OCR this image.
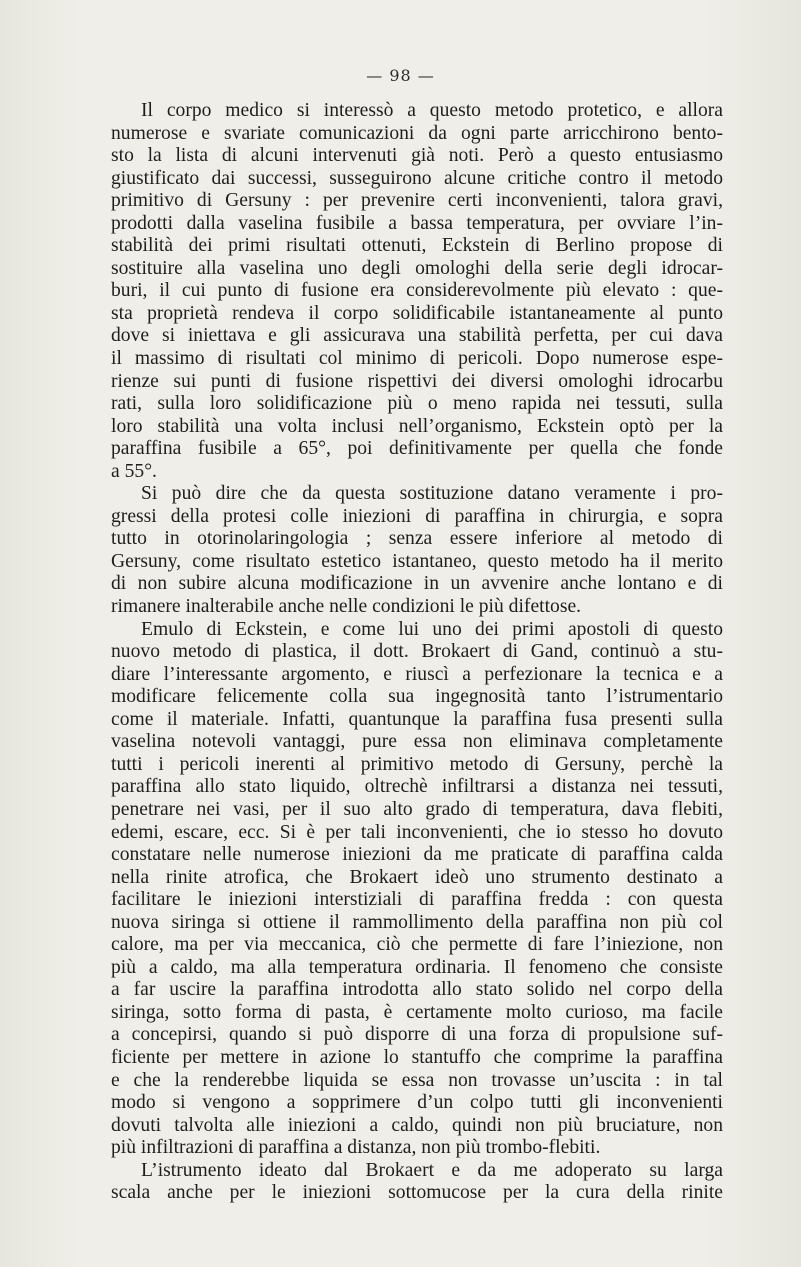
— 98 —
Il corpo medico si interessò a questo metodo protetico, e allora
numerose e svariate comunicazioni da ogni parte arricchirono bento-
sto la lista di alcuni intervenuti già noti. Però a questo entusiasmo
giustificato dai successi, susseguirono alcune critiche contro il metodo
primitivo di Gersuny : per prevenire certi inconvenienti, talora gravi,
prodotti dalla vaselina fusibile a bassa temperatura, per ovviare l’in-
stabilità dei primi risultati ottenuti, Eckstein di Berlino propose di
sostituire alla vaselina uno degli omologhi della serie degli idrocar-
buri, il cui punto di fusione era considerevolmente più elevato : que-
sta proprietà rendeva il corpo solidificabile istantaneamente al punto
dove si iniettava e gli assicurava una stabilità perfetta, per cui dava
il massimo di risultati col minimo di pericoli. Dopo numerose espe-
rienze sui punti di fusione rispettivi dei diversi omologhi idrocarbu
rati, sulla loro solidificazione più o meno rapida nei tessuti, sulla
loro stabilità una volta inclusi nell’organismo, Eckstein optò per la
paraffina fusibile a 65°, poi definitivamente per quella che fonde
a 55°.
Si può dire che da questa sostituzione datano veramente i pro-
gressi della protesi colle iniezioni di paraffina in chirurgia, e sopra
tutto in otorinolaringologia ; senza essere inferiore al metodo di
Gersuny, come risultato estetico istantaneo, questo metodo ha il merito
di non subire alcuna modificazione in un avvenire anche lontano e di
rimanere inalterabile anche nelle condizioni le più difettose.
Emulo di Eckstein, e come lui uno dei primi apostoli di questo
nuovo metodo di plastica, il dott. Brokaert di Gand, continuò a stu-
diare l’interessante argomento, e riuscì a perfezionare la tecnica e a
modificare felicemente colla sua ingegnosità tanto l’istrumentario
come il materiale. Infatti, quantunque la paraffina fusa presenti sulla
vaselina notevoli vantaggi, pure essa non eliminava completamente
tutti i pericoli inerenti al primitivo metodo di Gersuny, perchè la
paraffina allo stato liquido, oltrechè infiltrarsi a distanza nei tessuti,
penetrare nei vasi, per il suo alto grado di temperatura, dava flebiti,
edemi, escare, ecc. Si è per tali inconvenienti, che io stesso ho dovuto
constatare nelle numerose iniezioni da me praticate di paraffina calda
nella rinite atrofica, che Brokaert ideò uno strumento destinato a
facilitare le iniezioni interstiziali di paraffina fredda : con questa
nuova siringa si ottiene il rammollimento della paraffina non più col
calore, ma per via meccanica, ciò che permette di fare l’iniezione, non
più a caldo, ma alla temperatura ordinaria. Il fenomeno che consiste
a far uscire la paraffina introdotta allo stato solido nel corpo della
siringa, sotto forma di pasta, è certamente molto curioso, ma facile
a concepirsi, quando si può disporre di una forza di propulsione suf-
ficiente per mettere in azione lo stantuffo che comprime la paraffina
e che la renderebbe liquida se essa non trovasse un’uscita : in tal
modo si vengono a sopprimere d’un colpo tutti gli inconvenienti
dovuti talvolta alle iniezioni a caldo, quindi non più bruciature, non
più infiltrazioni di paraffina a distanza, non più trombo-flebiti.
L’istrumento ideato dal Brokaert e da me adoperato su larga
scala anche per le iniezioni sottomucose per la cura della rinite
